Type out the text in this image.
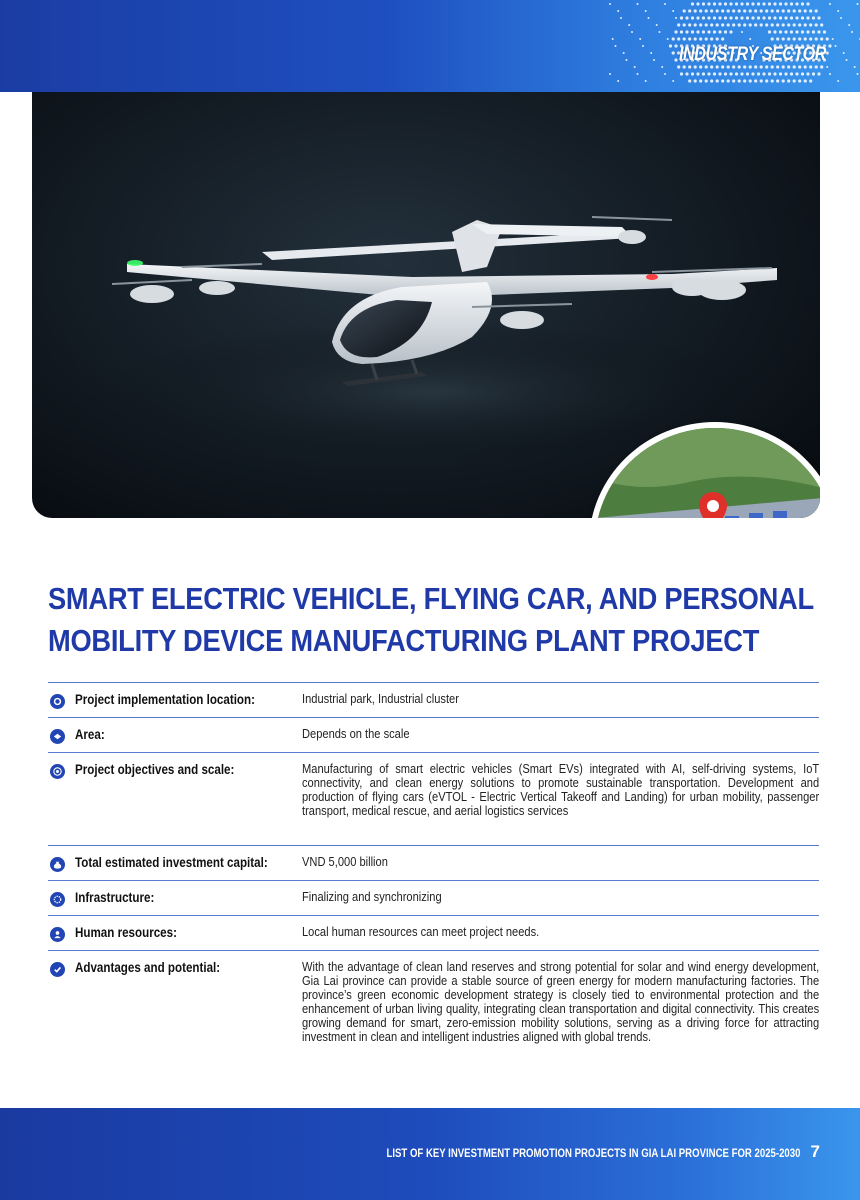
INDUSTRY SECTOR
SMART ELECTRIC VEHICLE, FLYING CAR, AND PERSONAL
MOBILITY DEVICE MANUFACTURING PLANT PROJECT
Project implementation location:	Industrial park, Industrial cluster
Area:	Depends on the scale
Project objectives and scale:	Manufacturing of smart electric vehicles (Smart EVs) integrated with AI, self-driving systems, IoT connectivity, and clean energy solutions to promote sustainable transportation. Development and production of flying cars (eVTOL - Electric Vertical Takeoff and Landing) for urban mobility, passenger transport, medical rescue, and aerial logistics services
Total estimated investment capital:	VND 5,000 billion
Infrastructure:	Finalizing and synchronizing
Human resources:	Local human resources can meet project needs.
Advantages and potential:	With the advantage of clean land reserves and strong potential for solar and wind energy development, Gia Lai province can provide a stable source of green energy for modern manufacturing factories. The province’s green economic development strategy is closely tied to environmental protection and the enhancement of urban living quality, integrating clean transportation and digital connectivity. This creates growing demand for smart, zero-emission mobility solutions, serving as a driving force for attracting investment in clean and intelligent industries aligned with global trends.
LIST OF KEY INVESTMENT PROMOTION PROJECTS IN GIA LAI PROVINCE FOR 2025-2030 7
